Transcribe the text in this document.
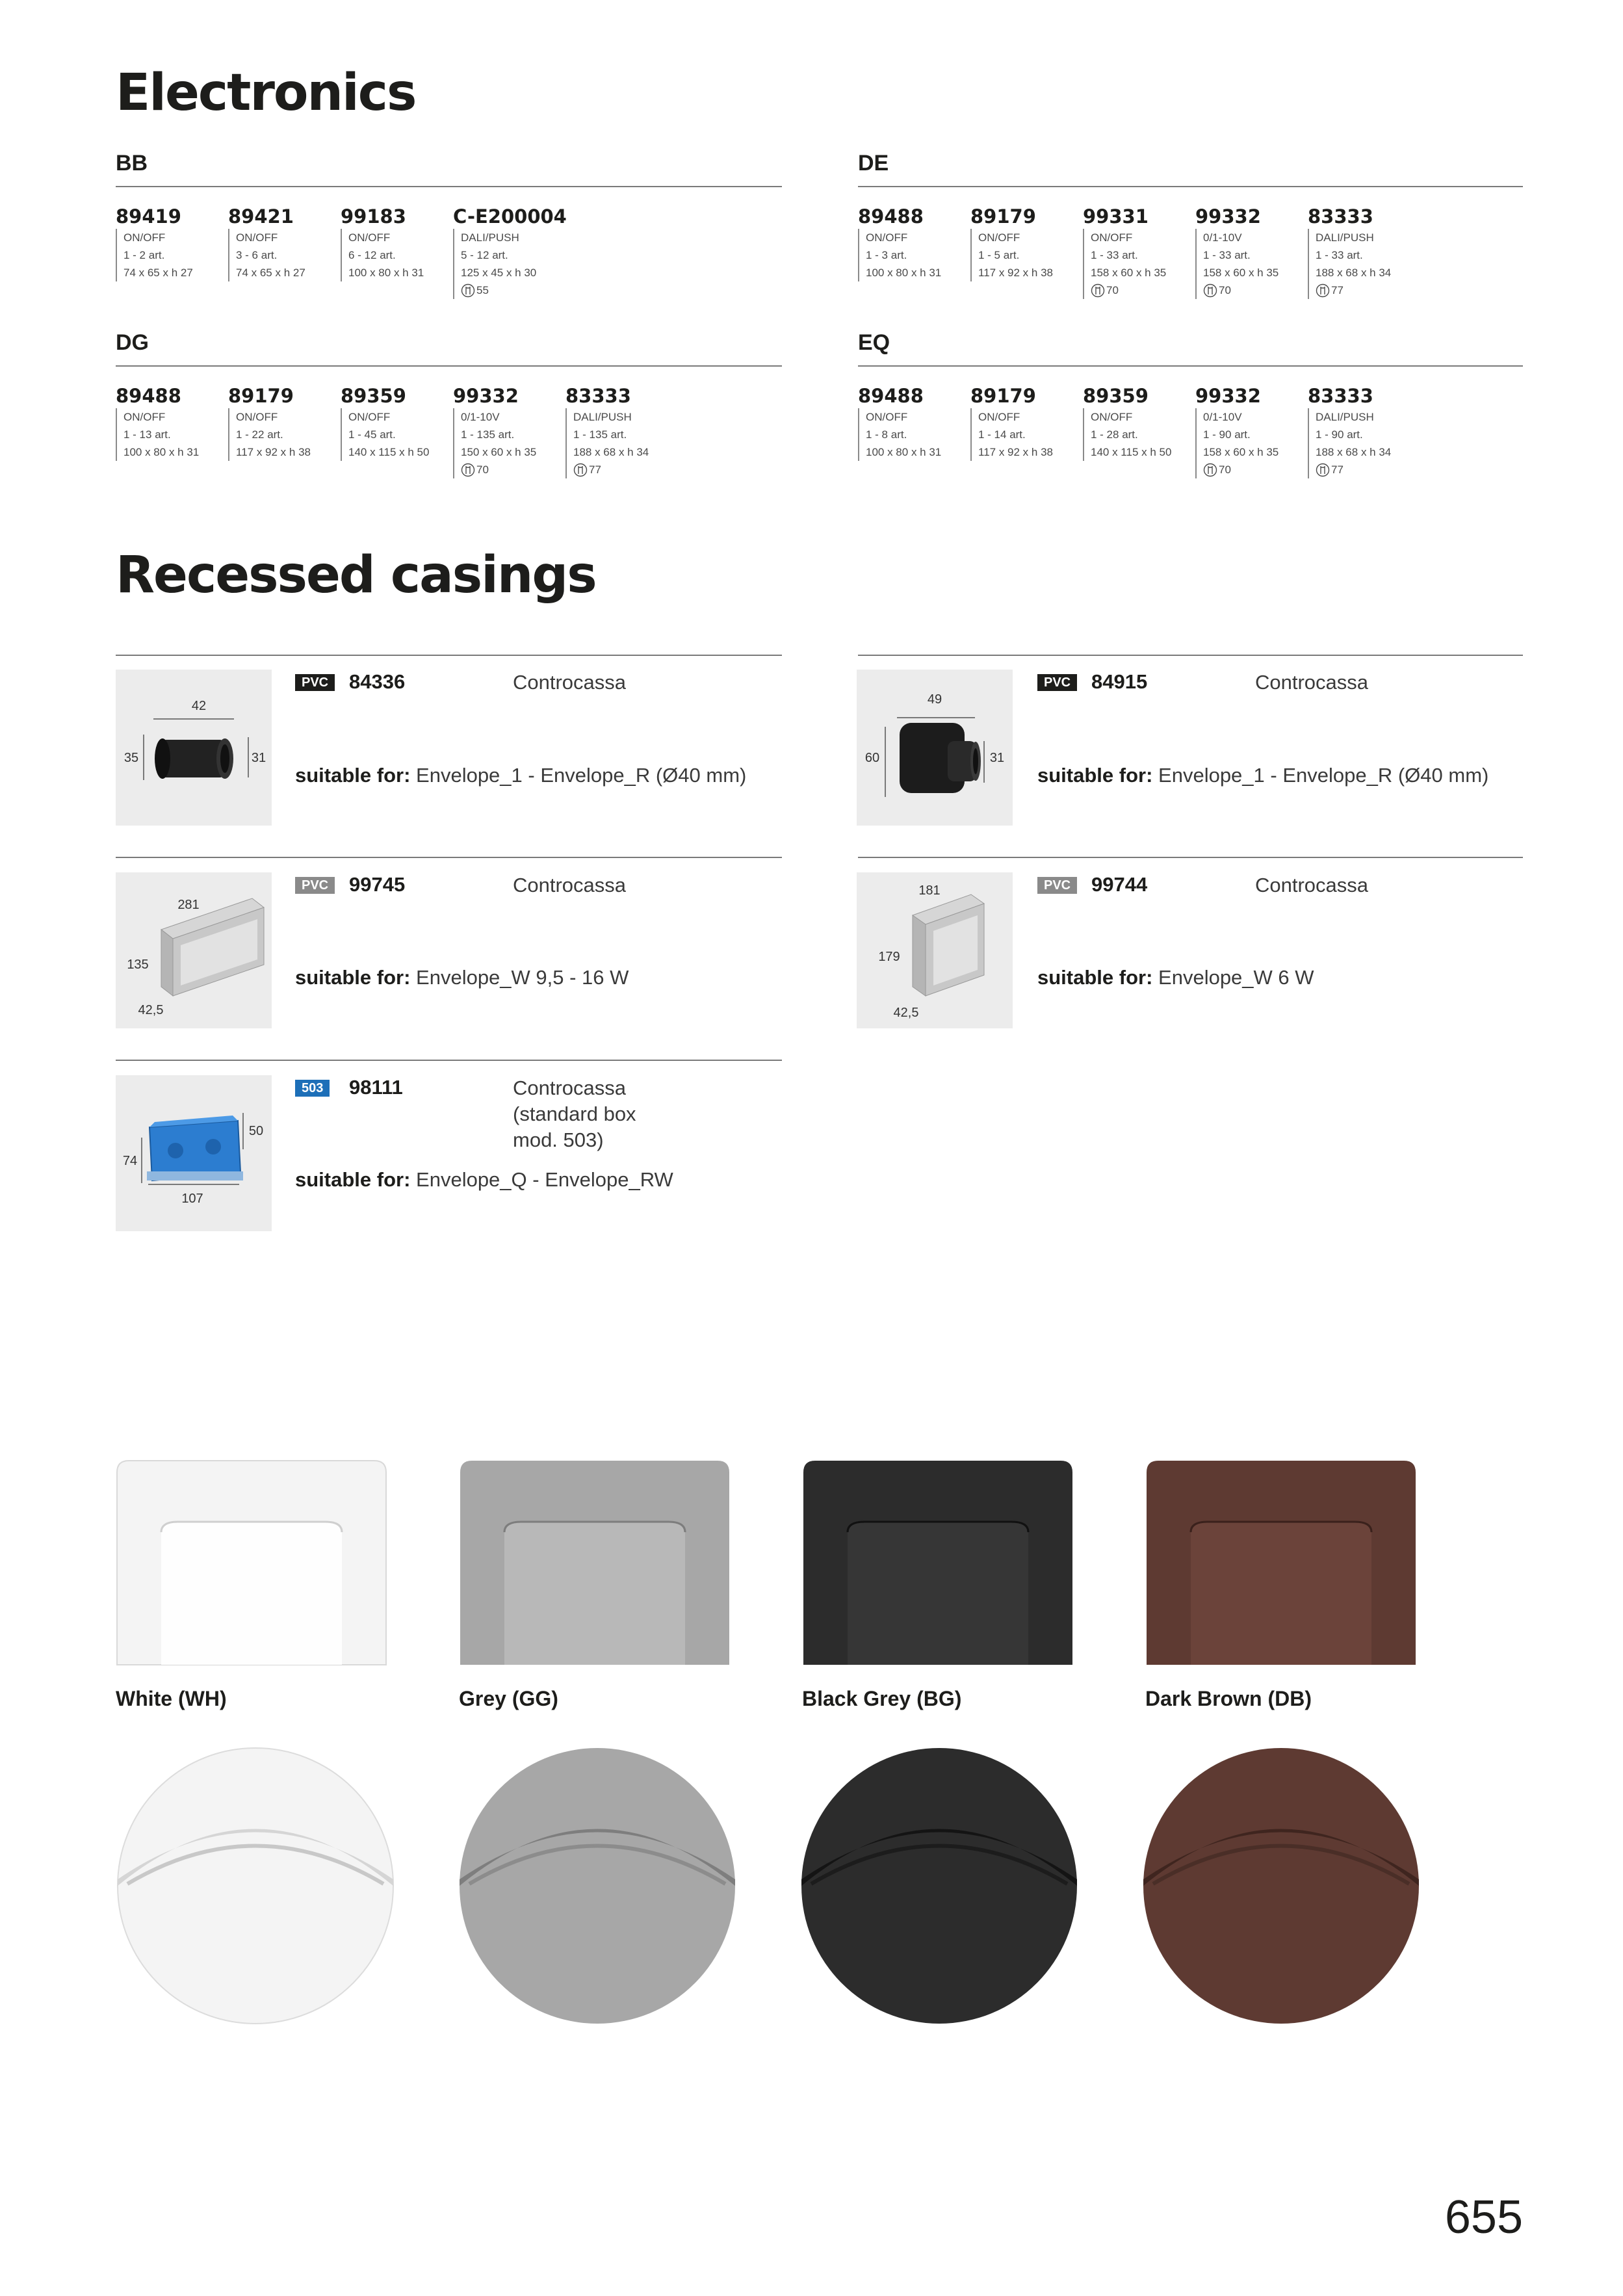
Electronics
BB
89419
ON/OFF
1 - 2 art.
74 x 65 x h 27
89421
ON/OFF
3 - 6 art.
74 x 65 x h 27
99183
ON/OFF
6 - 12 art.
100 x 80 x h 31
C-E200004
DALI/PUSH
5 - 12 art.
125 x 45 x h 30
55
DE
89488
ON/OFF
1 - 3 art.
100 x 80 x h 31
89179
ON/OFF
1 - 5 art.
117 x 92 x h 38
99331
ON/OFF
1 - 33 art.
158 x 60 x h 35
70
99332
0/1-10V
1 - 33 art.
158 x 60 x h 35
70
83333
DALI/PUSH
1 - 33 art.
188 x 68 x h 34
77
DG
89488
ON/OFF
1 - 13 art.
100 x 80 x h 31
89179
ON/OFF
1 - 22 art.
117 x 92 x h 38
89359
ON/OFF
1 - 45 art.
140 x 115 x h 50
99332
0/1-10V
1 - 135 art.
150 x 60 x h 35
70
83333
DALI/PUSH
1 - 135 art.
188 x 68 x h 34
77
EQ
89488
ON/OFF
1 - 8 art.
100 x 80 x h 31
89179
ON/OFF
1 - 14 art.
117 x 92 x h 38
89359
ON/OFF
1 - 28 art.
140 x 115 x h 50
99332
0/1-10V
1 - 90 art.
158 x 60 x h 35
70
83333
DALI/PUSH
1 - 90 art.
188 x 68 x h 34
77
Recessed casings
42
35	31
PVC	84336	Controcassa
suitable for: Envelope_1 - Envelope_R (Ø40 mm)
49
60	31
PVC	84915	Controcassa
suitable for: Envelope_1 - Envelope_R (Ø40 mm)
281
135
42,5
PVC	99745	Controcassa
suitable for: Envelope_W 9,5 - 16 W
181
179
42,5
PVC	99744	Controcassa
suitable for: Envelope_W 6 W
50
74
107
503	98111	Controcassa
(standard box
mod. 503)
suitable for: Envelope_Q - Envelope_RW
White (WH)	Grey (GG)	Black Grey (BG)	Dark Brown (DB)
655
